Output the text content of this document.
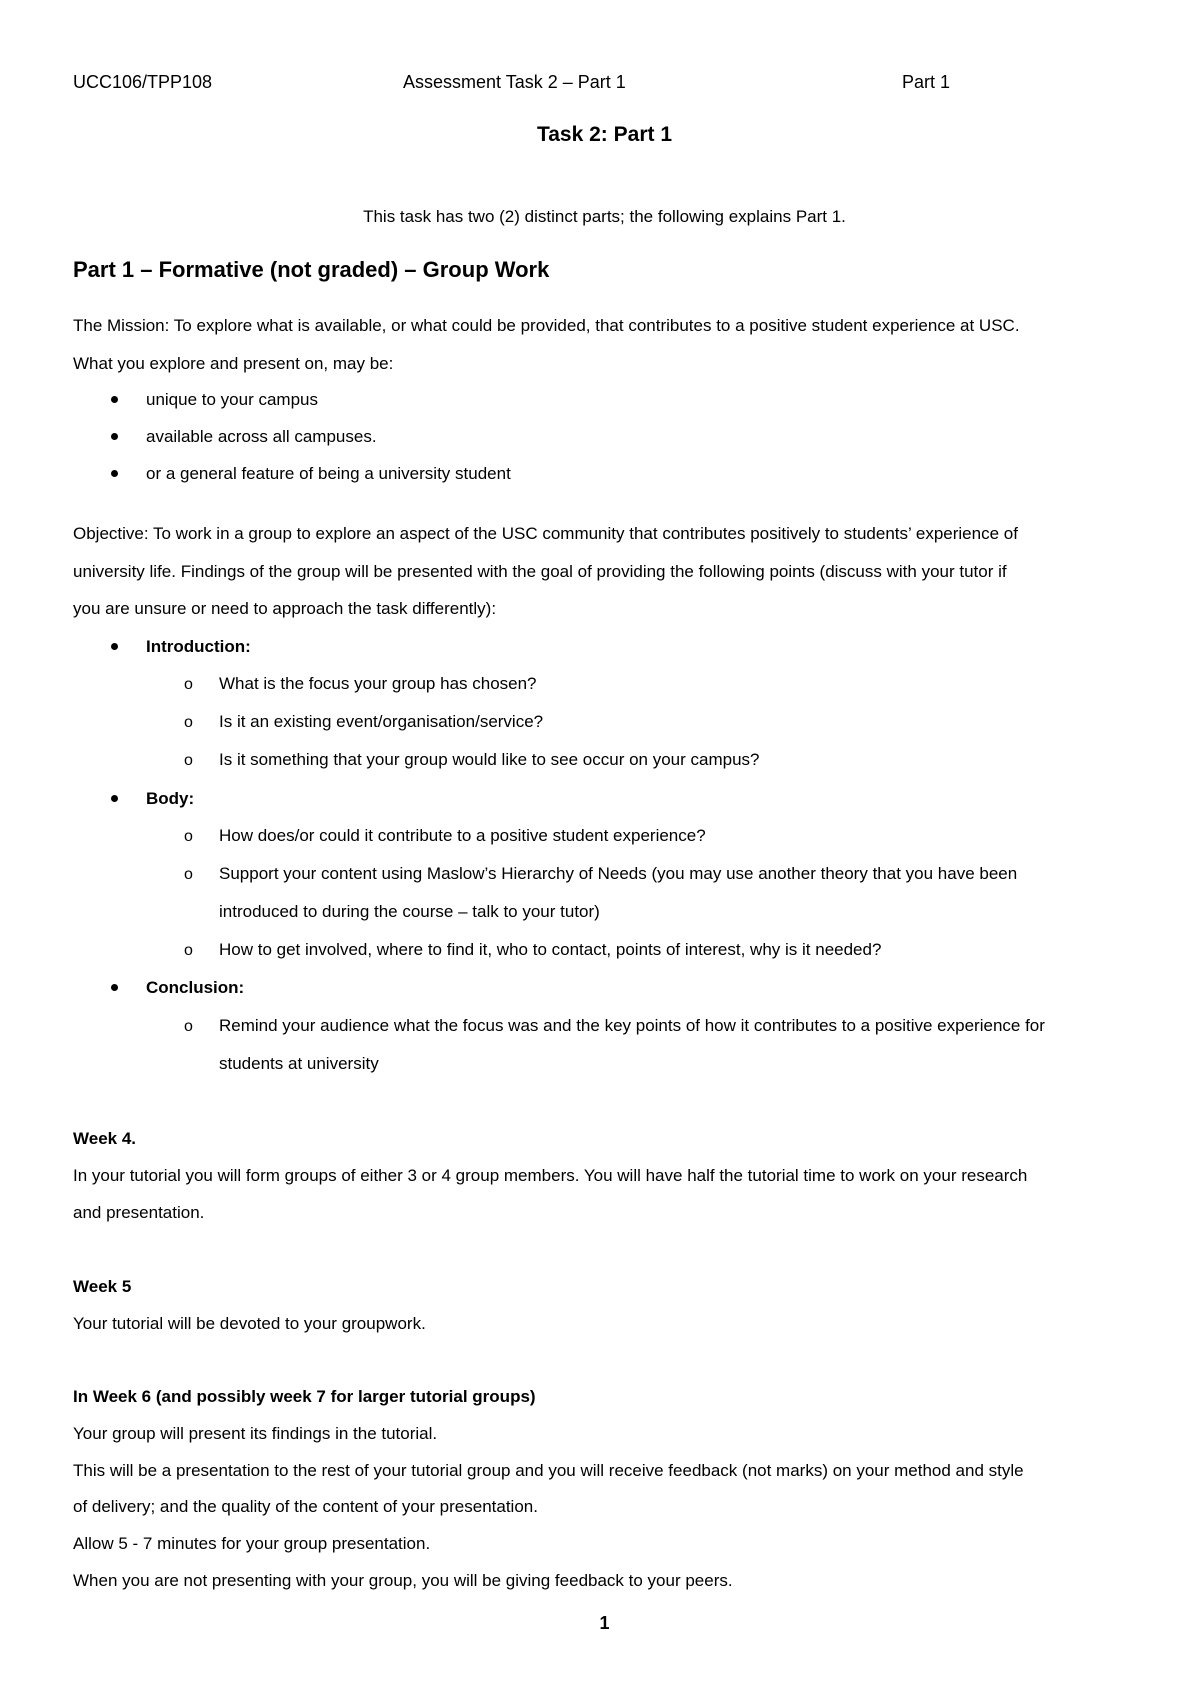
UCC106/TPP108	Assessment Task 2 – Part 1	Part 1
Task 2: Part 1
This task has two (2) distinct parts; the following explains Part 1.
Part 1 – Formative (not graded) – Group Work
The Mission: To explore what is available, or what could be provided, that contributes to a positive student experience at USC.
What you explore and present on, may be:
unique to your campus
available across all campuses.
or a general feature of being a university student
Objective: To work in a group to explore an aspect of the USC community that contributes positively to students’ experience of
university life. Findings of the group will be presented with the goal of providing the following points (discuss with your tutor if
you are unsure or need to approach the task differently):
Introduction:
o What is the focus your group has chosen?
o Is it an existing event/organisation/service?
o Is it something that your group would like to see occur on your campus?
Body:
o How does/or could it contribute to a positive student experience?
o Support your content using Maslow’s Hierarchy of Needs (you may use another theory that you have been
introduced to during the course – talk to your tutor)
o How to get involved, where to find it, who to contact, points of interest, why is it needed?
Conclusion:
o Remind your audience what the focus was and the key points of how it contributes to a positive experience for
students at university
Week 4.
In your tutorial you will form groups of either 3 or 4 group members. You will have half the tutorial time to work on your research
and presentation.
Week 5
Your tutorial will be devoted to your groupwork.
In Week 6 (and possibly week 7 for larger tutorial groups)
Your group will present its findings in the tutorial.
This will be a presentation to the rest of your tutorial group and you will receive feedback (not marks) on your method and style
of delivery; and the quality of the content of your presentation.
Allow 5 - 7 minutes for your group presentation.
When you are not presenting with your group, you will be giving feedback to your peers.
1
